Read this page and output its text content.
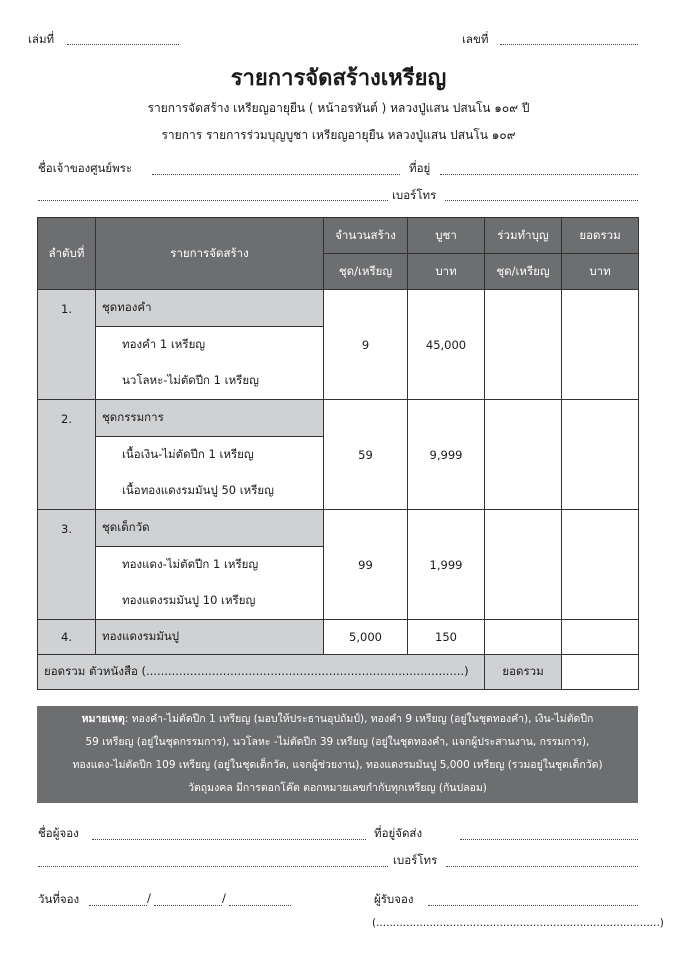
เล่มที่	เลขที่
รายการจัดสร้างเหรียญ
รายการจัดสร้าง เหรียญอายุยืน ( หน้าอรหันต์ ) หลวงปู่แสน ปสนโน ๑๐๙ ปี
รายการ รายการร่วมบุญบูชา เหรียญอายุยืน หลวงปู่แสน ปสนโน ๑๐๙
ชื่อเจ้าของศูนย์พระ	ที่อยู่
เบอร์โทร
ลำดับที่	รายการจัดสร้าง	จำนวนสร้าง	บูชา	ร่วมทำบุญ	ยอดรวม
		ชุด/เหรียญ	บาท	ชุด/เหรียญ	บาท
1.	ชุดทองคำ	9	45,000		
	ทองคำ 1 เหรียญ				
	นวโลหะ-ไม่ตัดปีก 1 เหรียญ				
2.	ชุดกรรมการ	59	9,999		
	เนื้อเงิน-ไม่ตัดปีก 1 เหรียญ				
	เนื้อทองแดงรมมันปู 50 เหรียญ				
3.	ชุดเด็กวัด	99	1,999		
	ทองแดง-ไม่ตัดปีก 1 เหรียญ				
	ทองแดงรมมันปู 10 เหรียญ				
4.	ทองแดงรมมันปู	5,000	150		
ยอดรวม ตัวหนังสือ (.......................................................................................)				ยอดรวม	
หมายเหตุ: ทองคำ-ไม่ตัดปีก 1 เหรียญ (มอบให้ประธานอุปถัมป์), ทองคำ 9 เหรียญ (อยู่ในชุดทองคำ), เงิน-ไม่ตัดปีก
59 เหรียญ (อยู่ในชุดกรรมการ), นวโลหะ -ไม่ตัดปีก 39 เหรียญ (อยู่ในชุดทองคำ, แจกผู้ประสานงาน, กรรมการ),
ทองแดง-ไม่ตัดปีก 109 เหรียญ (อยู่ในชุดเด็กวัด, แจกผู้ช่วยงาน), ทองแดงรมมันปู 5,000 เหรียญ (รวมอยู่ในชุดเด็กวัด)
วัตถุมงคล มีการตอกโค๊ต ตอกหมายเลขกำกับทุกเหรียญ (กันปลอม)
ชื่อผู้จอง	ที่อยู่จัดส่ง
เบอร์โทร
วันที่จอง	/	/	ผู้รับจอง
(.....................................................................................)
